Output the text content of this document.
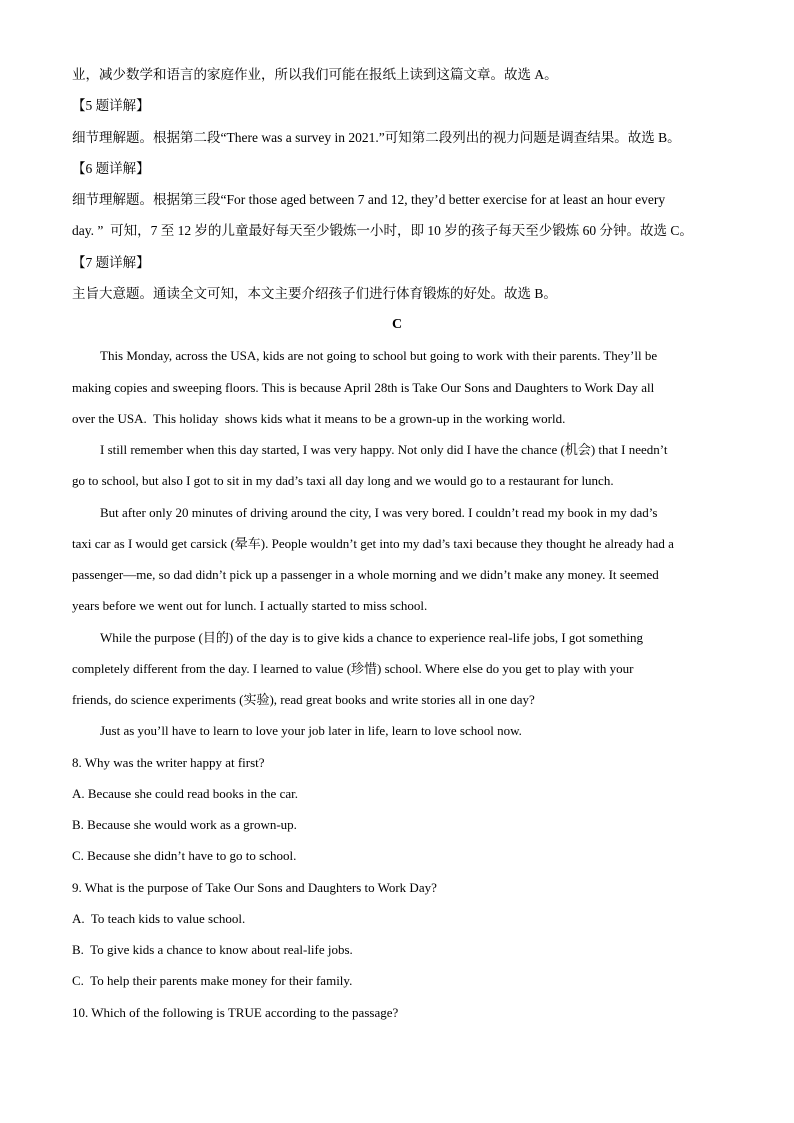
业，减少数学和语言的家庭作业，所以我们可能在报纸上读到这篇文章。故选 A。
【5 题详解】
细节理解题。根据第二段“There was a survey in 2021.”可知第二段列出的视力问题是调查结果。故选 B。
【6 题详解】
细节理解题。根据第三段“For those aged between 7 and 12, they’d better exercise for at least an hour every
day. ”  可知，7 至 12 岁的儿童最好每天至少锻炼一小时，即 10 岁的孩子每天至少锻炼 60 分钟。故选 C。
【7 题详解】
主旨大意题。通读全文可知，本文主要介绍孩子们进行体育锻炼的好处。故选 B。
C
This Monday, across the USA, kids are not going to school but going to work with their parents. They’ll be
making copies and sweeping floors. This is because April 28th is Take Our Sons and Daughters to Work Day all
over the USA.  This holiday  shows kids what it means to be a grown-up in the working world.
I still remember when this day started, I was very happy. Not only did I have the chance (机会) that I needn’t
go to school, but also I got to sit in my dad’s taxi all day long and we would go to a restaurant for lunch.
But after only 20 minutes of driving around the city, I was very bored. I couldn’t read my book in my dad’s
taxi car as I would get carsick (晕车). People wouldn’t get into my dad’s taxi because they thought he already had a
passenger—me, so dad didn’t pick up a passenger in a whole morning and we didn’t make any money. It seemed
years before we went out for lunch. I actually started to miss school.
While the purpose (目的) of the day is to give kids a chance to experience real-life jobs, I got something
completely different from the day. I learned to value (珍惜) school. Where else do you get to play with your
friends, do science experiments (实验), read great books and write stories all in one day?
Just as you’ll have to learn to love your job later in life, learn to love school now.
8. Why was the writer happy at first?
A. Because she could read books in the car.
B. Because she would work as a grown-up.
C. Because she didn’t have to go to school.
9. What is the purpose of Take Our Sons and Daughters to Work Day?
A.  To teach kids to value school.
B.  To give kids a chance to know about real-life jobs.
C.  To help their parents make money for their family.
10. Which of the following is TRUE according to the passage?
